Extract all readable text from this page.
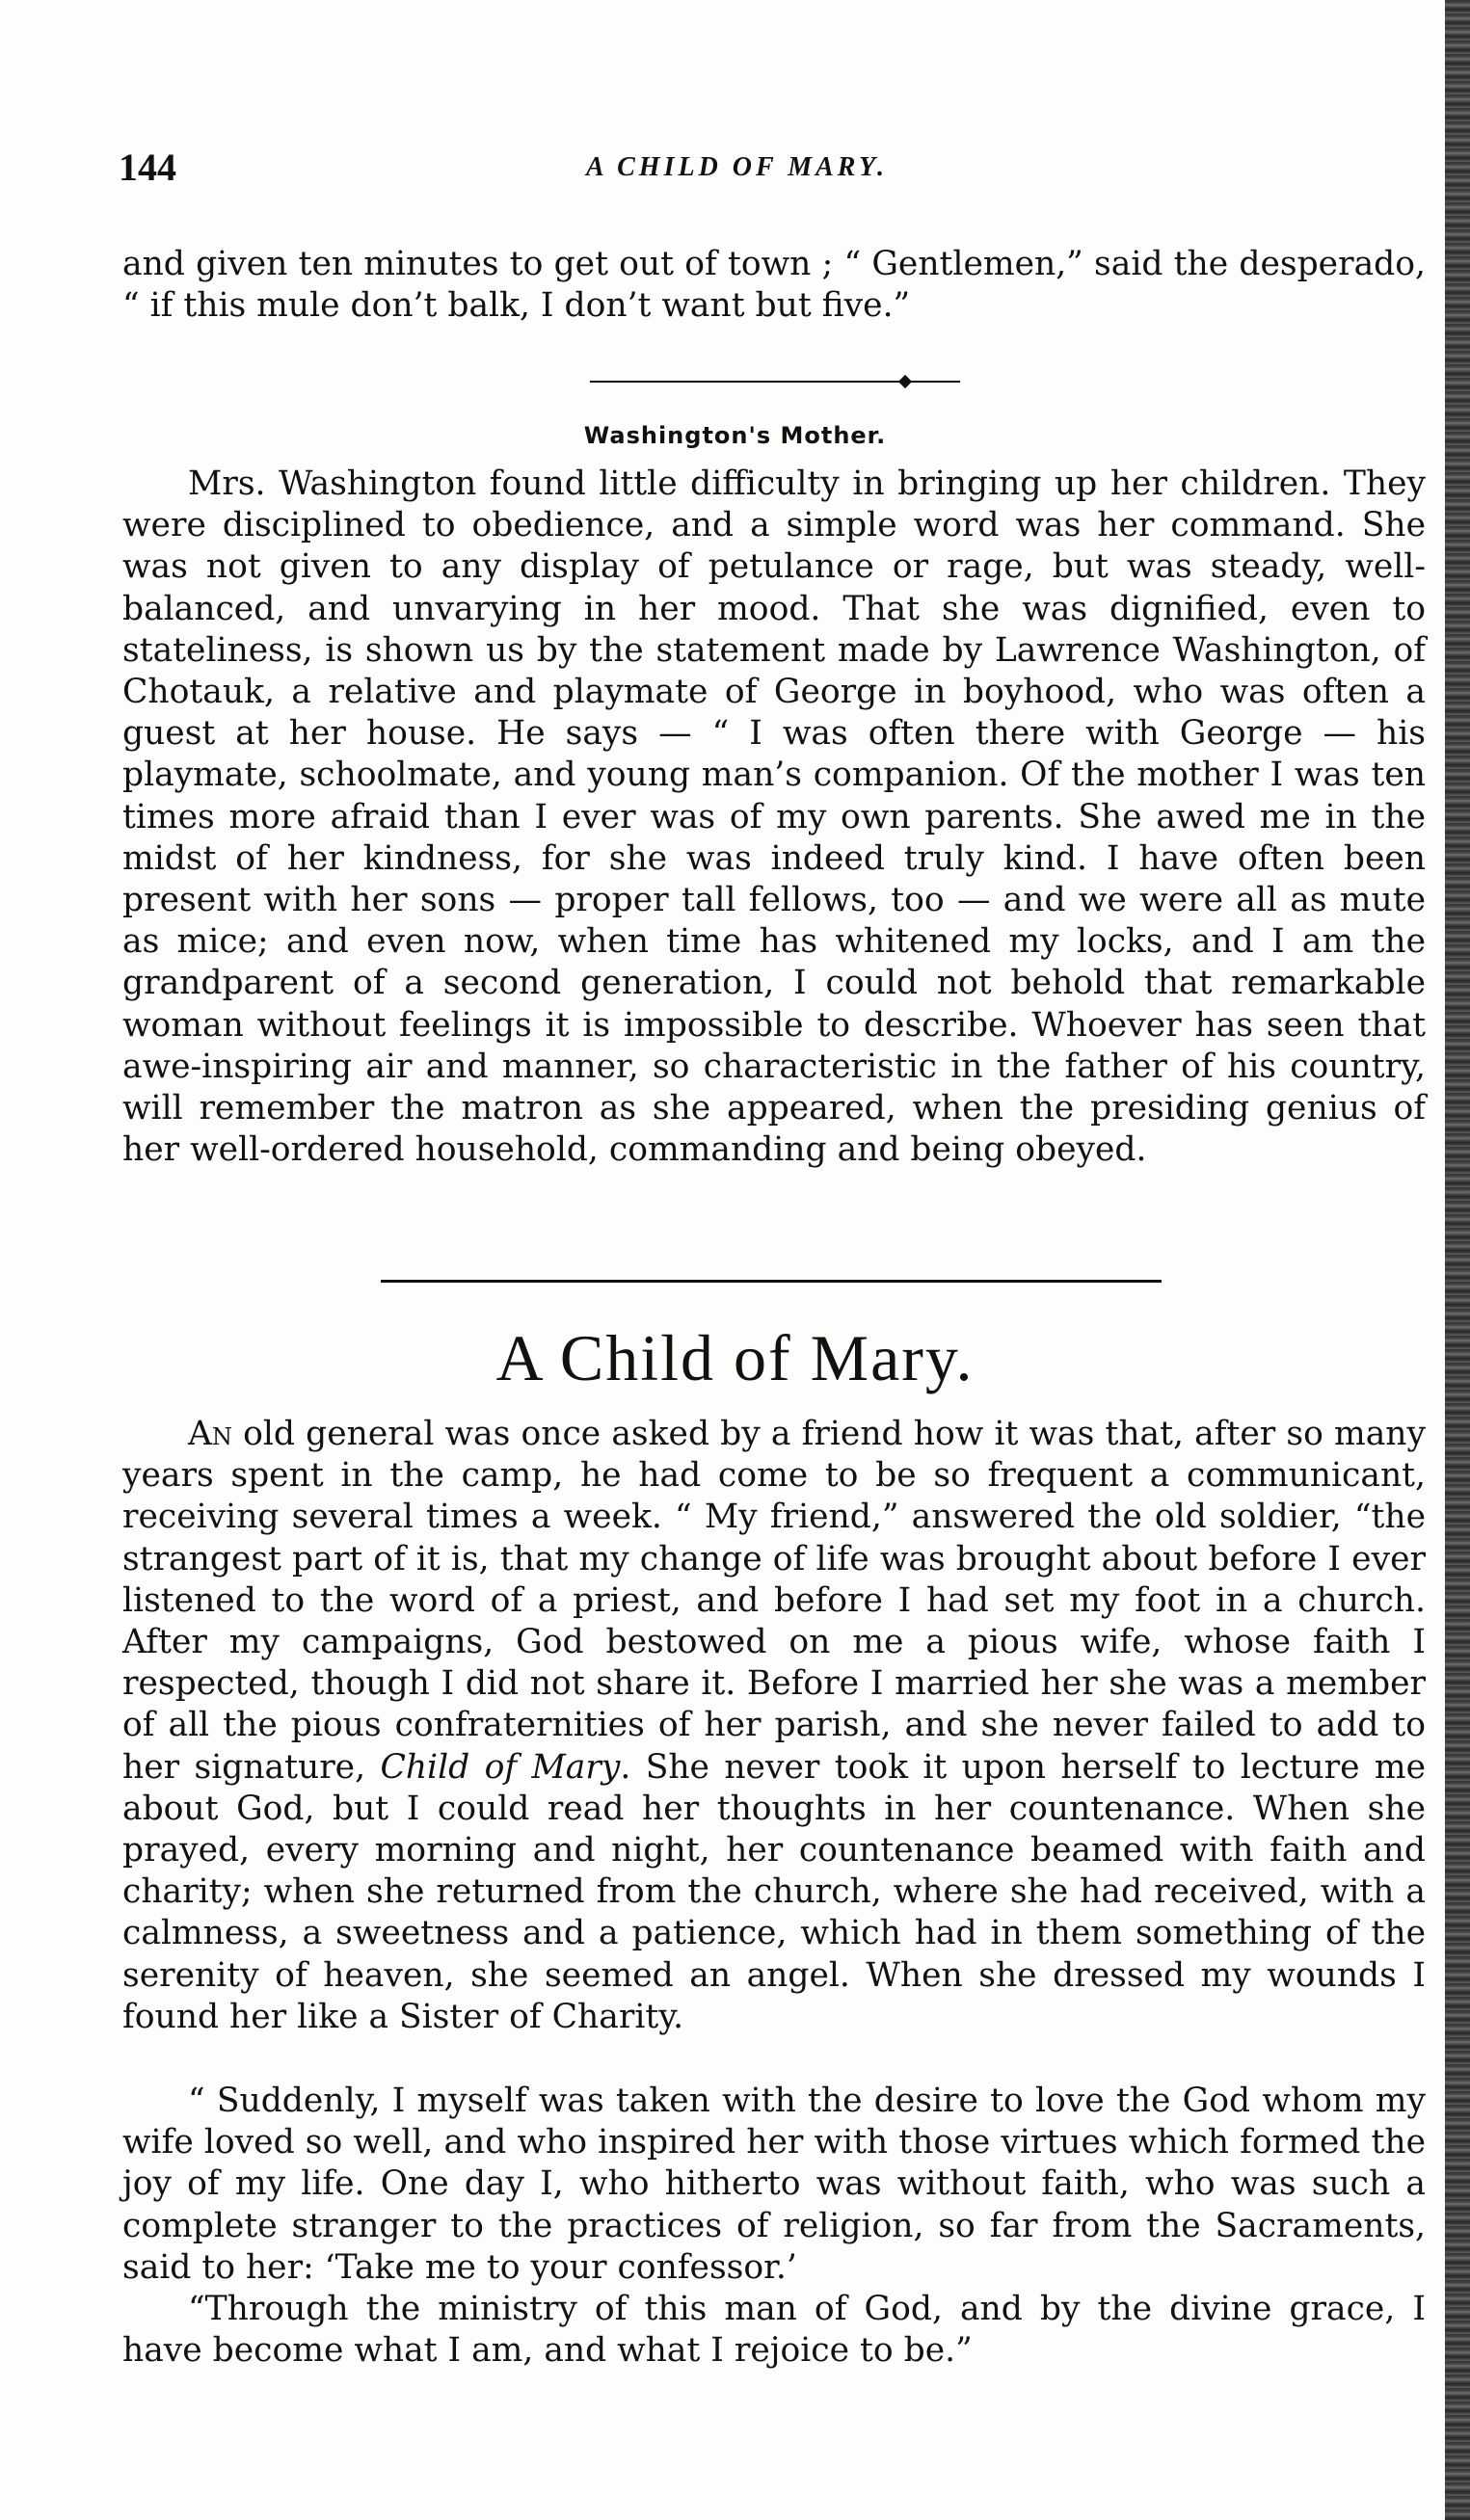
144	A CHILD OF MARY.
and given ten minutes to get out of town ; “ Gentlemen,” said the desperado, “ if this mule don’t balk, I don’t want but five.”
Washington's Mother.
Mrs. Washington found little difficulty in bringing up her children. They were disciplined to obedience, and a simple word was her command. She was not given to any display of petulance or rage, but was steady, well-balanced, and unvarying in her mood. That she was dignified, even to stateliness, is shown us by the statement made by Lawrence Washington, of Chotauk, a relative and playmate of George in boyhood, who was often a guest at her house. He says — “ I was often there with George — his playmate, schoolmate, and young man’s companion. Of the mother I was ten times more afraid than I ever was of my own parents. She awed me in the midst of her kindness, for she was indeed truly kind. I have often been present with her sons — proper tall fellows, too — and we were all as mute as mice; and even now, when time has whitened my locks, and I am the grandparent of a second generation, I could not behold that remarkable woman without feelings it is impossible to describe. Whoever has seen that awe-inspiring air and manner, so characteristic in the father of his country, will remember the matron as she appeared, when the presiding genius of her well-ordered household, commanding and being obeyed.
A Child of Mary.
An old general was once asked by a friend how it was that, after so many years spent in the camp, he had come to be so frequent a communicant, receiving several times a week. “ My friend,” answered the old soldier, “the strangest part of it is, that my change of life was brought about before I ever listened to the word of a priest, and before I had set my foot in a church. After my campaigns, God bestowed on me a pious wife, whose faith I respected, though I did not share it. Before I married her she was a member of all the pious confraternities of her parish, and she never failed to add to her signature, Child of Mary. She never took it upon herself to lecture me about God, but I could read her thoughts in her countenance. When she prayed, every morning and night, her countenance beamed with faith and charity; when she returned from the church, where she had received, with a calmness, a sweetness and a patience, which had in them something of the serenity of heaven, she seemed an angel. When she dressed my wounds I found her like a Sister of Charity.
“ Suddenly, I myself was taken with the desire to love the God whom my wife loved so well, and who inspired her with those virtues which formed the joy of my life. One day I, who hitherto was without faith, who was such a complete stranger to the practices of religion, so far from the Sacraments, said to her: ‘Take me to your confessor.’
“Through the ministry of this man of God, and by the divine grace, I have become what I am, and what I rejoice to be.”
